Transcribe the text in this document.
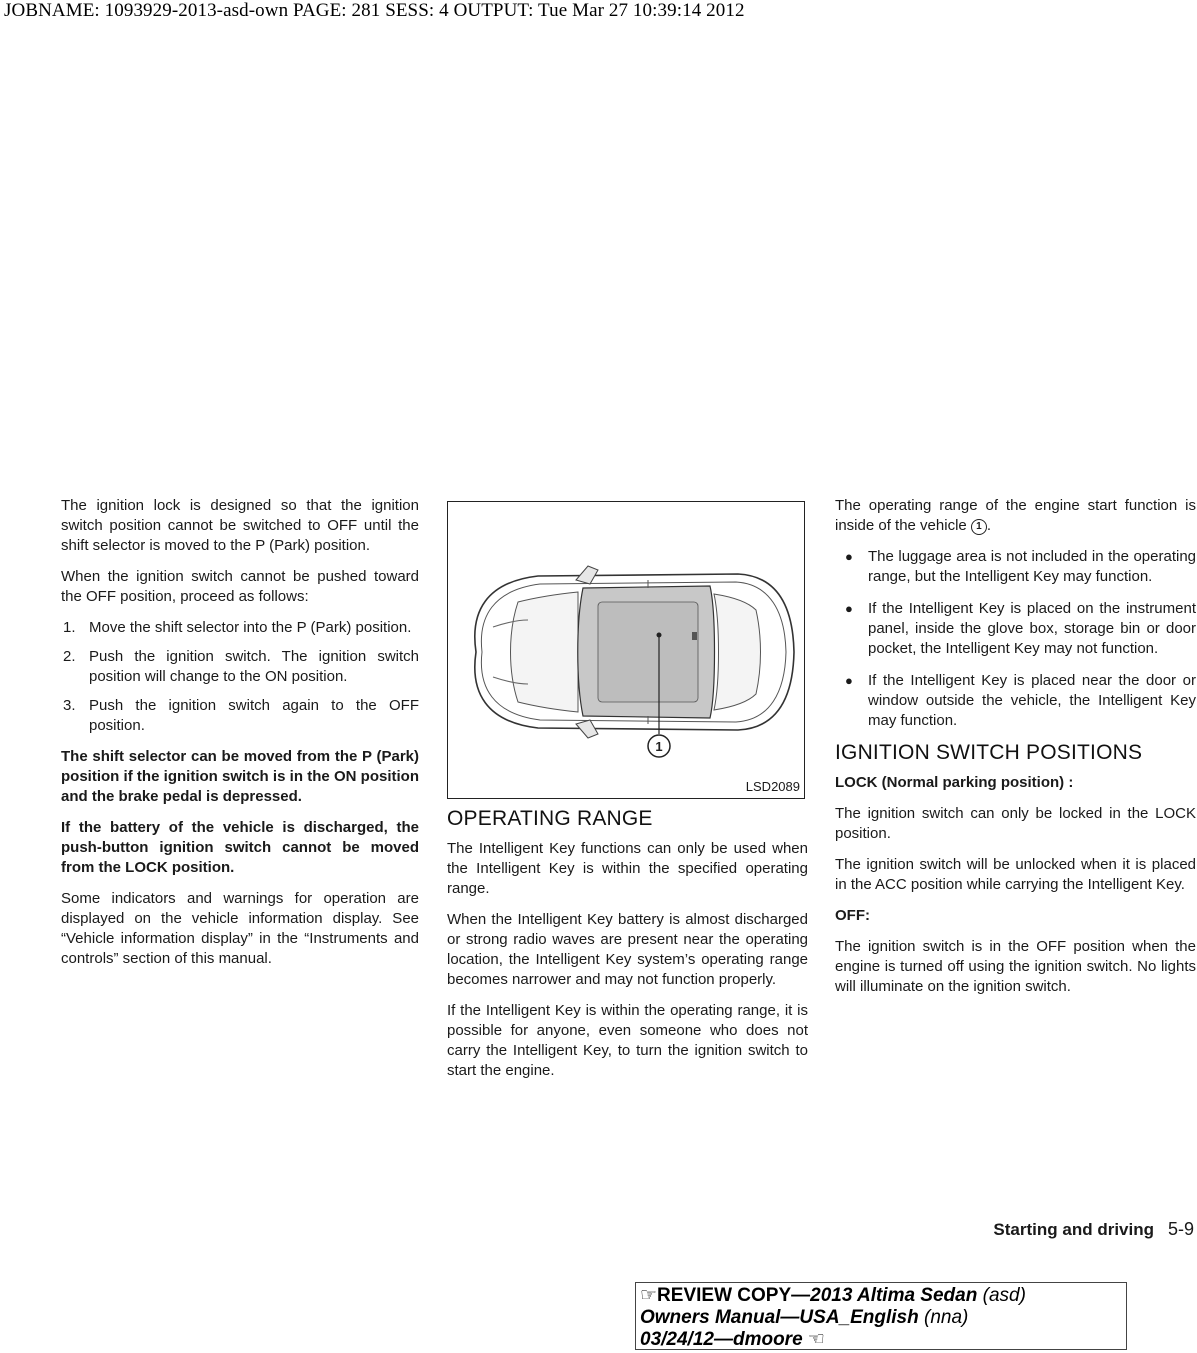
JOBNAME: 1093929-2013-asd-own PAGE: 281 SESS: 4 OUTPUT: Tue Mar 27 10:39:14 2012

The ignition lock is designed so that the ignition switch position cannot be switched to OFF until the shift selector is moved to the P (Park) position.

When the ignition switch cannot be pushed toward the OFF position, proceed as follows:

1. Move the shift selector into the P (Park) position.
2. Push the ignition switch. The ignition switch position will change to the ON position.
3. Push the ignition switch again to the OFF position.

The shift selector can be moved from the P (Park) position if the ignition switch is in the ON position and the brake pedal is depressed.

If the battery of the vehicle is discharged, the push-button ignition switch cannot be moved from the LOCK position.

Some indicators and warnings for operation are displayed on the vehicle information display. See “Vehicle information display” in the “Instruments and controls” section of this manual.

1
LSD2089
OPERATING RANGE

The Intelligent Key functions can only be used when the Intelligent Key is within the specified operating range.

When the Intelligent Key battery is almost discharged or strong radio waves are present near the operating location, the Intelligent Key system’s operating range becomes narrower and may not function properly.

If the Intelligent Key is within the operating range, it is possible for anyone, even someone who does not carry the Intelligent Key, to turn the ignition switch to start the engine.

The operating range of the engine start function is inside of the vehicle 1 .

●	The luggage area is not included in the operating range, but the Intelligent Key may function.
●	If the Intelligent Key is placed on the instrument panel, inside the glove box, storage bin or door pocket, the Intelligent Key may not function.
●	If the Intelligent Key is placed near the door or window outside the vehicle, the Intelligent Key may function.
IGNITION SWITCH POSITIONS

LOCK (Normal parking position) :

The ignition switch can only be locked in the LOCK position.

The ignition switch will be unlocked when it is placed in the ACC position while carrying the Intelligent Key.

OFF:

The ignition switch is in the OFF position when the engine is turned off using the ignition switch. No lights will illuminate on the ignition switch.

Starting and driving 5-9
☞REVIEW COPY—2013 Altima Sedan (asd)
Owners Manual—USA_English (nna)
03/24/12—dmoore ☜
